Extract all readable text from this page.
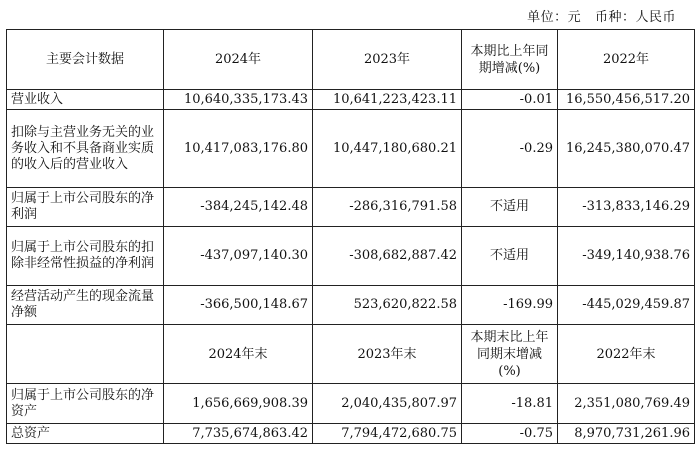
单位：元 币种：人民币
主要会计数据	2024年	2023年	本期比上年同期增减(%)	2022年
营业收入	10,640,335,173.43	10,641,223,423.11	-0.01	16,550,456,517.20
扣除与主营业务无关的业务收入和不具备商业实质的收入后的营业收入	10,417,083,176.80	10,447,180,680.21	-0.29	16,245,380,070.47
归属于上市公司股东的净利润	-384,245,142.48	-286,316,791.58	不适用	-313,833,146.29
归属于上市公司股东的扣除非经常性损益的净利润	-437,097,140.30	-308,682,887.42	不适用	-349,140,938.76
经营活动产生的现金流量净额	-366,500,148.67	523,620,822.58	-169.99	-445,029,459.87
	2024年末	2023年末	本期末比上年同期末增减 (%)	2022年末
归属于上市公司股东的净资产	1,656,669,908.39	2,040,435,807.97	-18.81	2,351,080,769.49
总资产	7,735,674,863.42	7,794,472,680.75	-0.75	8,970,731,261.96
